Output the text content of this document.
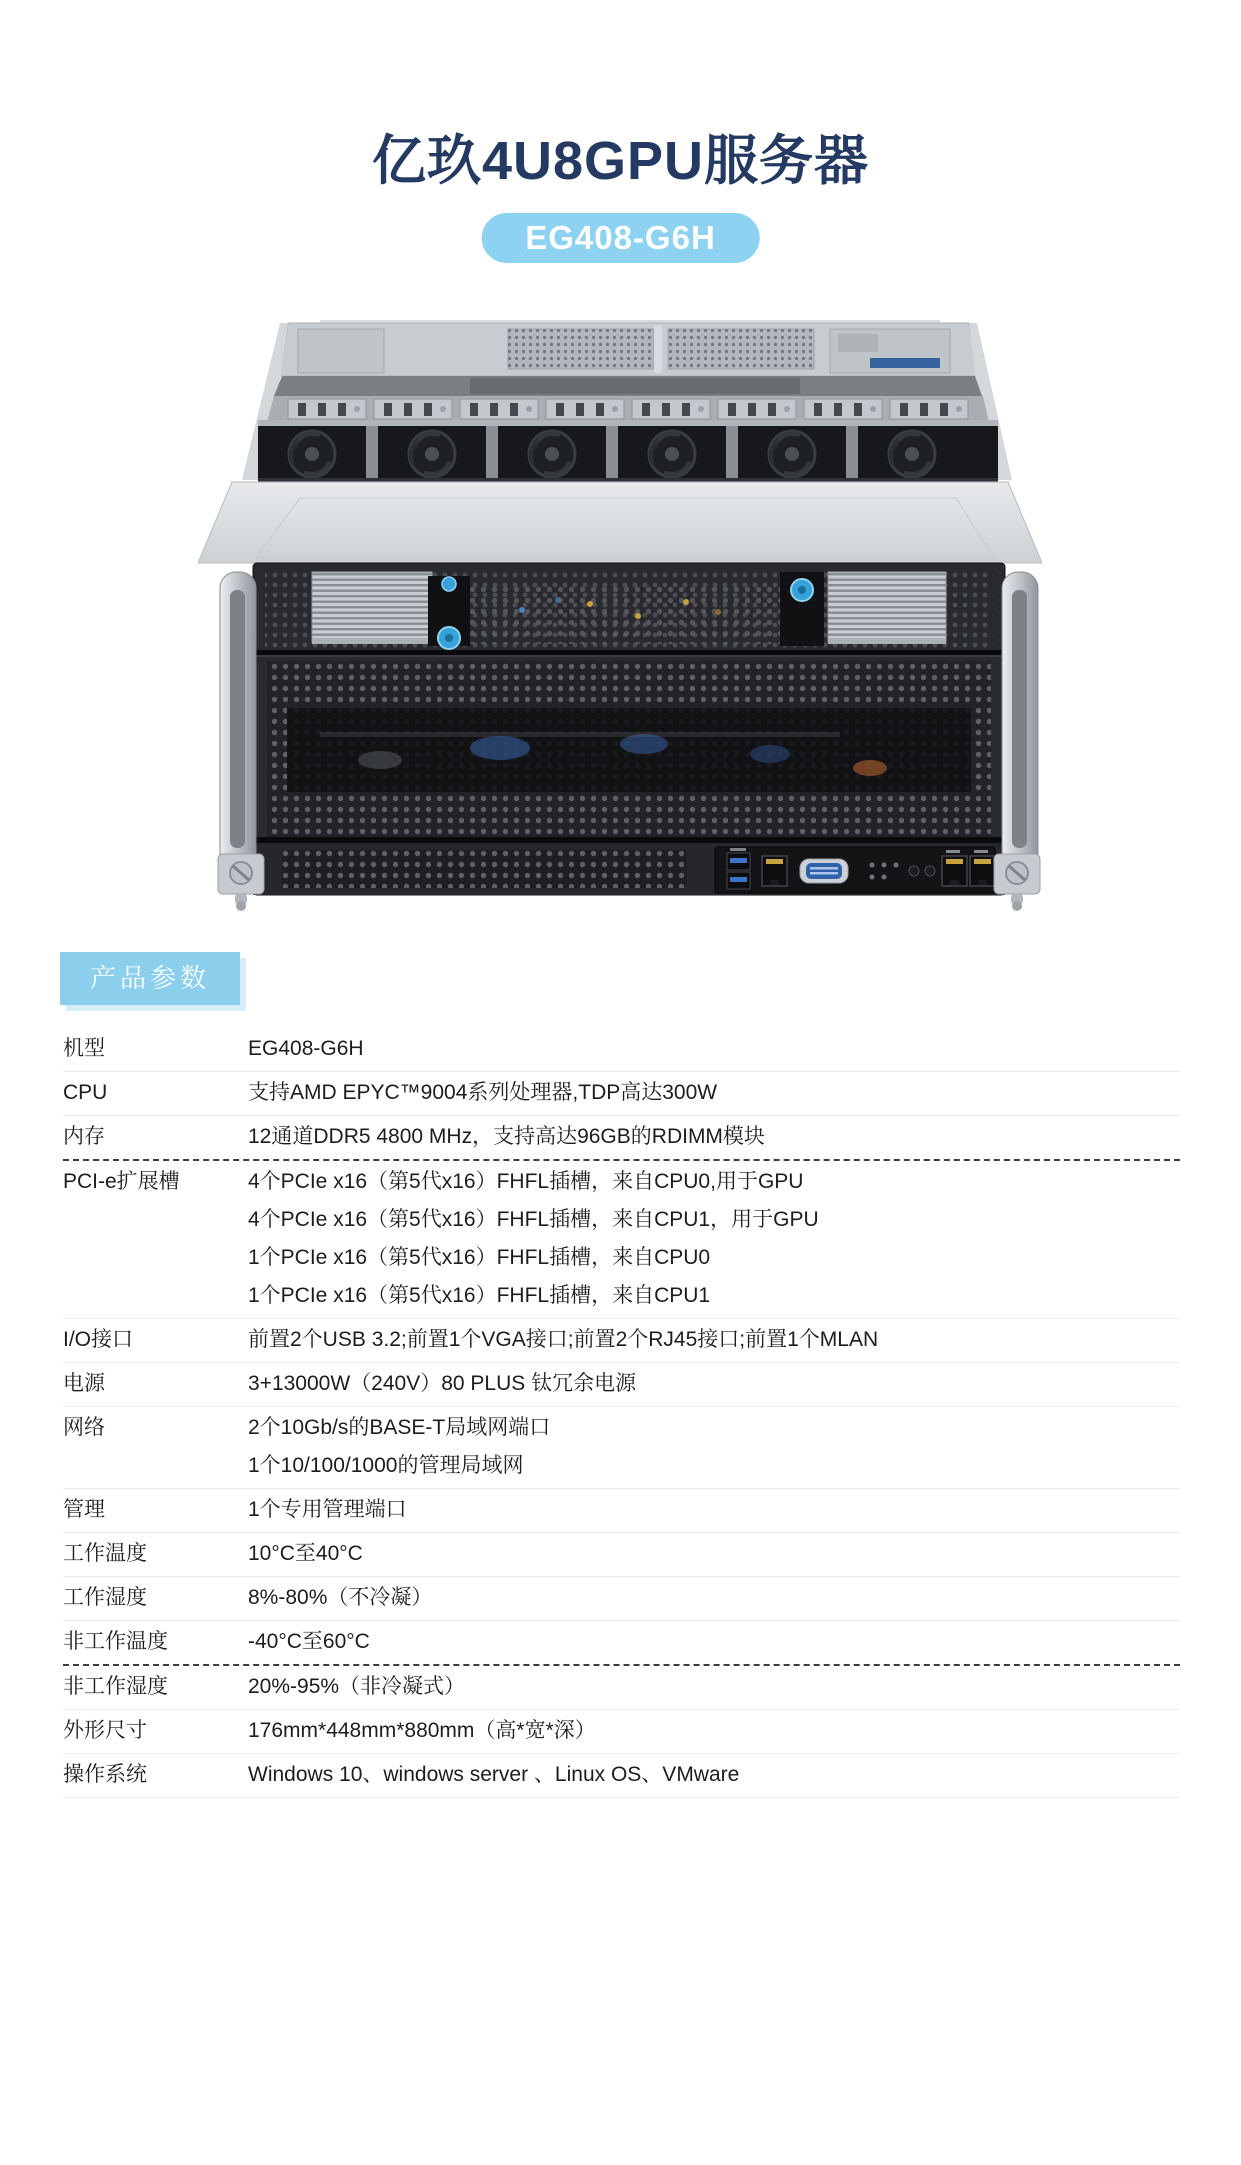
亿玖4U8GPU服务器
EG408-G6H
产品参数
机型	EG408-G6H
CPU	支持AMD EPYC™9004系列处理器,TDP高达300W
内存	12通道DDR5 4800 MHz，支持高达96GB的RDIMM模块
PCI-e扩展槽	4个PCIe x16（第5代x16）FHFL插槽，来自CPU0,用于GPU
4个PCIe x16（第5代x16）FHFL插槽，来自CPU1，用于GPU
1个PCIe x16（第5代x16）FHFL插槽，来自CPU0
1个PCIe x16（第5代x16）FHFL插槽，来自CPU1
I/O接口	前置2个USB 3.2;前置1个VGA接口;前置2个RJ45接口;前置1个MLAN
电源	3+13000W（240V）80 PLUS 钛冗余电源
网络	2个10Gb/s的BASE-T局域网端口
1个10/100/1000的管理局域网
管理	1个专用管理端口
工作温度	10°C至40°C
工作湿度	8%-80%（不冷凝）
非工作温度	-40°C至60°C
非工作湿度	20%-95%（非冷凝式）
外形尺寸	176mm*448mm*880mm（高*宽*深）
操作系统	Windows 10、windows server 、Linux OS、VMware
